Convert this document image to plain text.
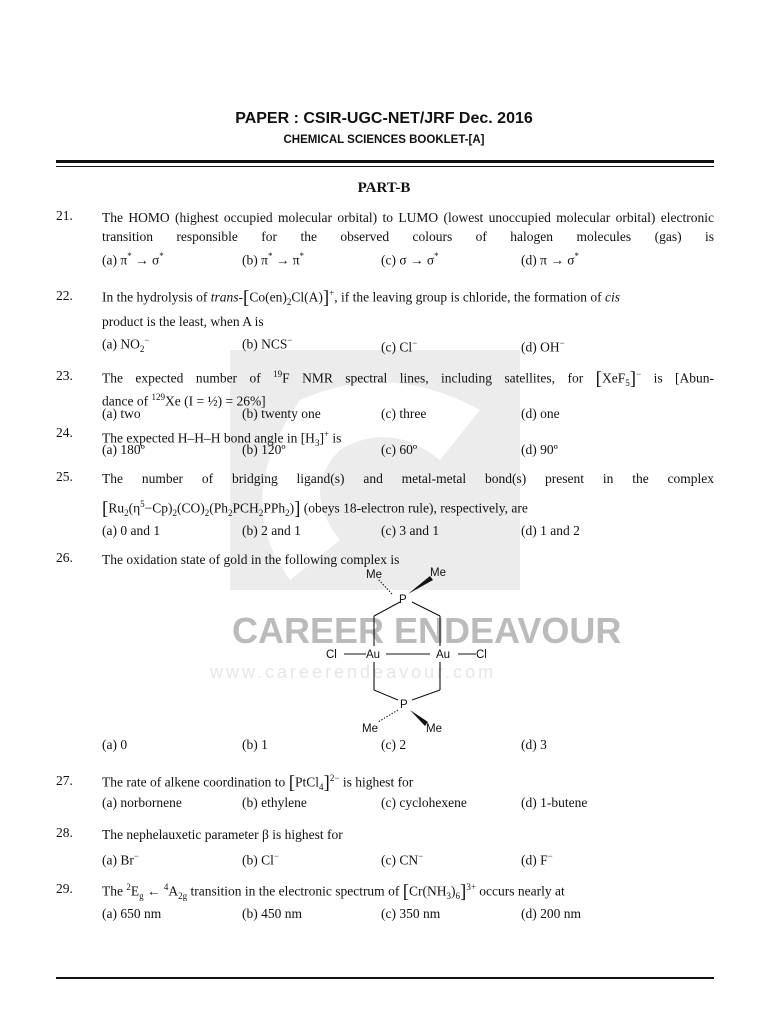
CAREER ENDEAVOUR
www.careerendeavour.com
PAPER : CSIR-UGC-NET/JRF Dec. 2016
CHEMICAL SCIENCES BOOKLET-[A]
PART-B
21. The HOMO (highest occupied molecular orbital) to LUMO (lowest unoccupied molecular orbital) electronic transition responsible for the observed colours of halogen molecules (gas) is
(a) π* → σ*	(b) π* → π*	(c) σ → σ*	(d) π → σ*
22. In the hydrolysis of trans-$[Co(en)_2Cl(A)]^+$, if the leaving group is chloride, the formation of cis
product is the least, when A is
(a) $NO_2^-$	(b) NCS−	(c) Cl−	(d) OH−
23. The expected number of $^{19}$F NMR spectral lines, including satellites, for [XeF$_5$]− is [Abun-
dance of $^{129}$Xe (I = ½) = 26%]
(a) two	(b) twenty one	(c) three	(d) one
24. The expected H–H–H bond angle in $[H_3]^+$ is
(a) 180º	(b) 120º	(c) 60º	(d) 90º
25. The number of bridging ligand(s) and metal-metal bond(s) present in the complex
$[Ru_2(\eta^5-Cp)_2(CO)_2(Ph_2PCH_2PPh_2)]$ (obeys 18-electron rule), respectively, are
(a) 0 and 1	(b) 2 and 1	(c) 3 and 1	(d) 1 and 2
26. The oxidation state of gold in the following complex is
Me	Me
P
Cl	Au	Au Cl
P
Me	Me
(a) 0	(b) 1	(c) 2	(d) 3
27. The rate of alkene coordination to [PtCl$_4$]$^{2-}$ is highest for
(a) norbornene	(b) ethylene	(c) cyclohexene	(d) 1-butene
28. The nephelauxetic parameter β is highest for
(a) Br−	(b) Cl−	(c) CN−	(d) F−
29. The $^2E_g$ ← $^4A_{2g}$ transition in the electronic spectrum of $[Cr(NH_3)_6]^{3+}$ occurs nearly at
(a) 650 nm	(b) 450 nm	(c) 350 nm	(d) 200 nm
